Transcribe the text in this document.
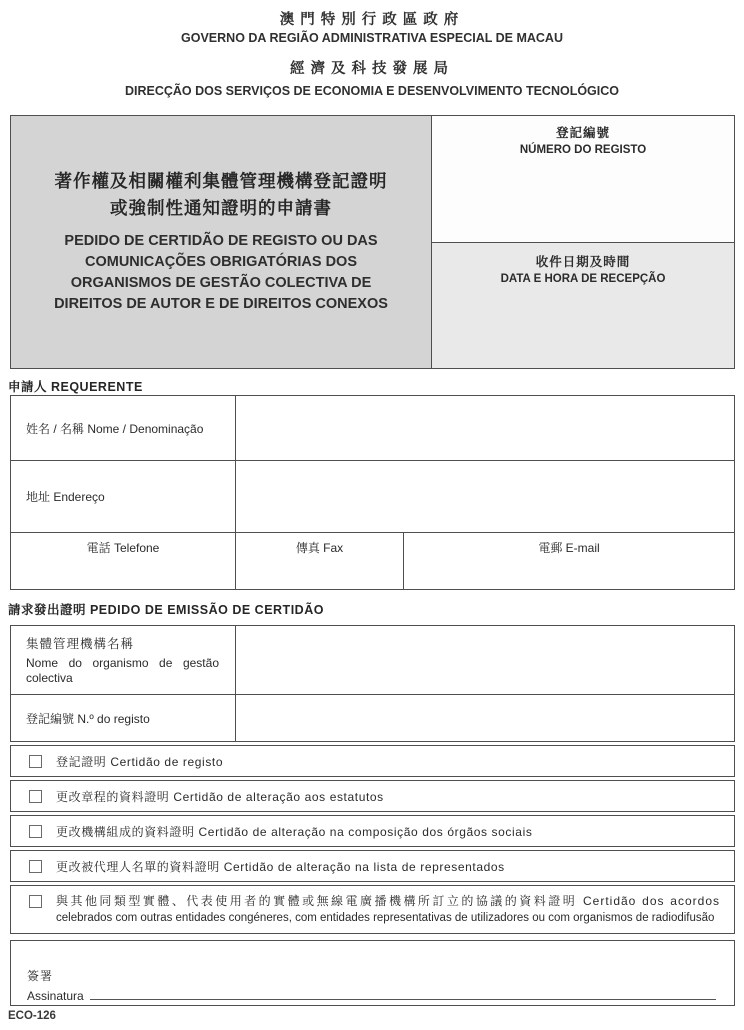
澳門特別行政區政府
GOVERNO DA REGIÃO ADMINISTRATIVA ESPECIAL DE MACAU
經濟及科技發展局
DIRECÇÃO DOS SERVIÇOS DE ECONOMIA E DESENVOLVIMENTO TECNOLÓGICO
著作權及相關權利集體管理機構登記證明
或強制性通知證明的申請書
PEDIDO DE CERTIDÃO DE REGISTO OU DAS
COMUNICAÇÕES OBRIGATÓRIAS DOS
ORGANISMOS DE GESTÃO COLECTIVA DE
DIREITOS DE AUTOR E DE DIREITOS CONEXOS
登記編號
NÚMERO DO REGISTO
收件日期及時間
DATA E HORA DE RECEPÇÃO
申請人 REQUERENTE
姓名 / 名稱 Nome / Denominação
地址 Endereço
電話 Telefone	傳真 Fax	電郵 E-mail
請求發出證明 PEDIDO DE EMISSÃO DE CERTIDÃO
集體管理機構名稱
Nome do organismo de gestão colectiva
登記編號 N.º do registo
登記證明 Certidão de registo
更改章程的資料證明 Certidão de alteração aos estatutos
更改機構組成的資料證明 Certidão de alteração na composição dos órgãos sociais
更改被代理人名單的資料證明 Certidão de alteração na lista de representados
與其他同類型實體、代表使用者的實體或無線電廣播機構所訂立的協議的資料證明 Certidão dos acordos
celebrados com outras entidades congéneres, com entidades representativas de utilizadores ou com organismos de radiodifusão
簽署
Assinatura
ECO-126
